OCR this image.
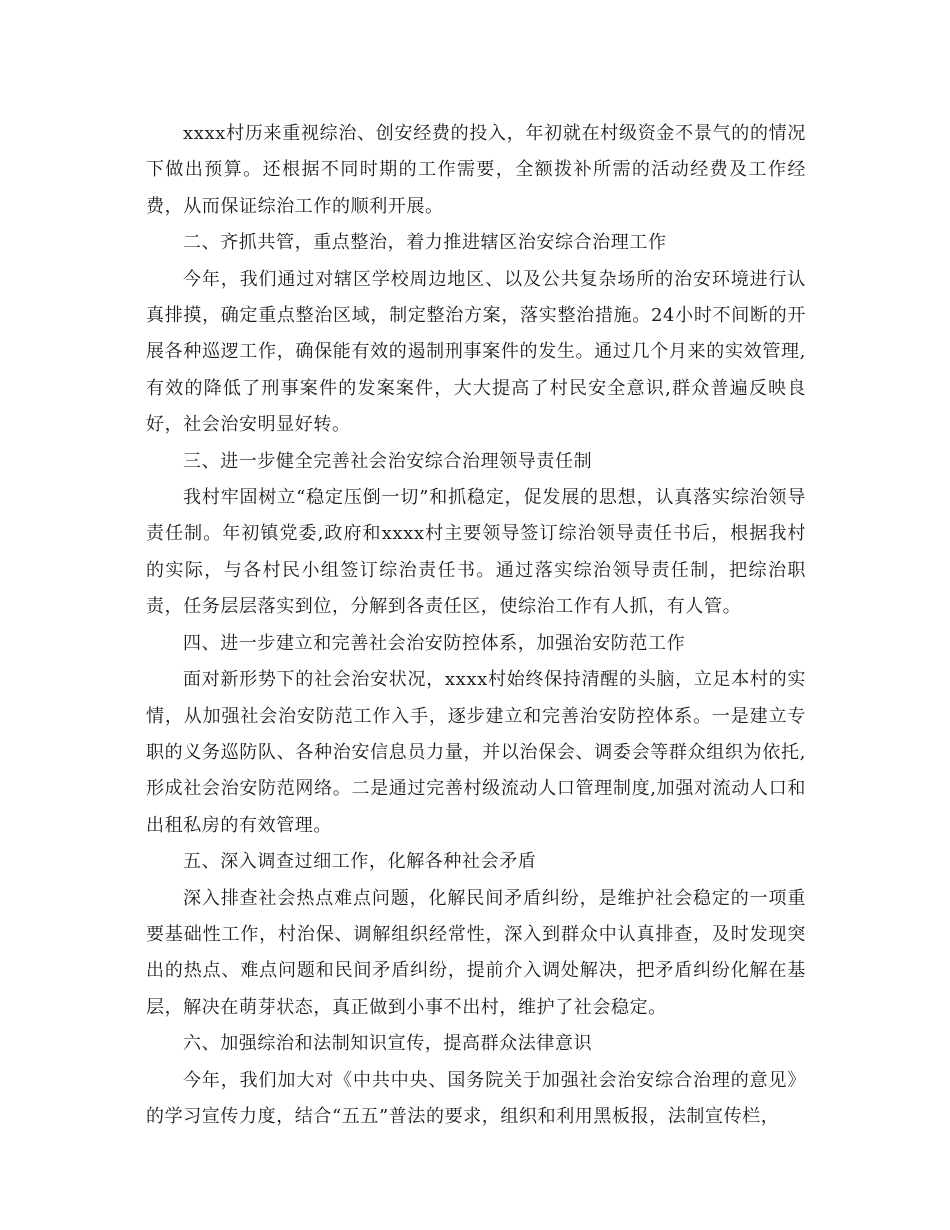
xxxx村历来重视综治、创安经费的投入，年初就在村级资金不景气的的情况下做出预算。还根据不同时期的工作需要，全额拨补所需的活动经费及工作经费，从而保证综治工作的顺利开展。

二、齐抓共管，重点整治，着力推进辖区治安综合治理工作

今年，我们通过对辖区学校周边地区、以及公共复杂场所的治安环境进行认真排摸，确定重点整治区域，制定整治方案，落实整治措施。24小时不间断的开展各种巡逻工作，确保能有效的遏制刑事案件的发生。通过几个月来的实效管理,有效的降低了刑事案件的发案案件，大大提高了村民安全意识,群众普遍反映良好，社会治安明显好转。

三、进一步健全完善社会治安综合治理领导责任制

我村牢固树立“稳定压倒一切”和抓稳定，促发展的思想，认真落实综治领导责任制。年初镇党委,政府和xxxx村主要领导签订综治领导责任书后，根据我村的实际，与各村民小组签订综治责任书。通过落实综治领导责任制，把综治职责，任务层层落实到位，分解到各责任区，使综治工作有人抓，有人管。

四、进一步建立和完善社会治安防控体系，加强治安防范工作

面对新形势下的社会治安状况，xxxx村始终保持清醒的头脑，立足本村的实情，从加强社会治安防范工作入手，逐步建立和完善治安防控体系。一是建立专职的义务巡防队、各种治安信息员力量，并以治保会、调委会等群众组织为依托,形成社会治安防范网络。二是通过完善村级流动人口管理制度,加强对流动人口和出租私房的有效管理。

五、深入调查过细工作，化解各种社会矛盾

深入排查社会热点难点问题，化解民间矛盾纠纷，是维护社会稳定的一项重要基础性工作，村治保、调解组织经常性，深入到群众中认真排查，及时发现突出的热点、难点问题和民间矛盾纠纷，提前介入调处解决，把矛盾纠纷化解在基层，解决在萌芽状态，真正做到小事不出村，维护了社会稳定。

六、加强综治和法制知识宣传，提高群众法律意识

今年，我们加大对《中共中央、国务院关于加强社会治安综合治理的意见》的学习宣传力度，结合“五五”普法的要求，组织和利用黑板报，法制宣传栏，
